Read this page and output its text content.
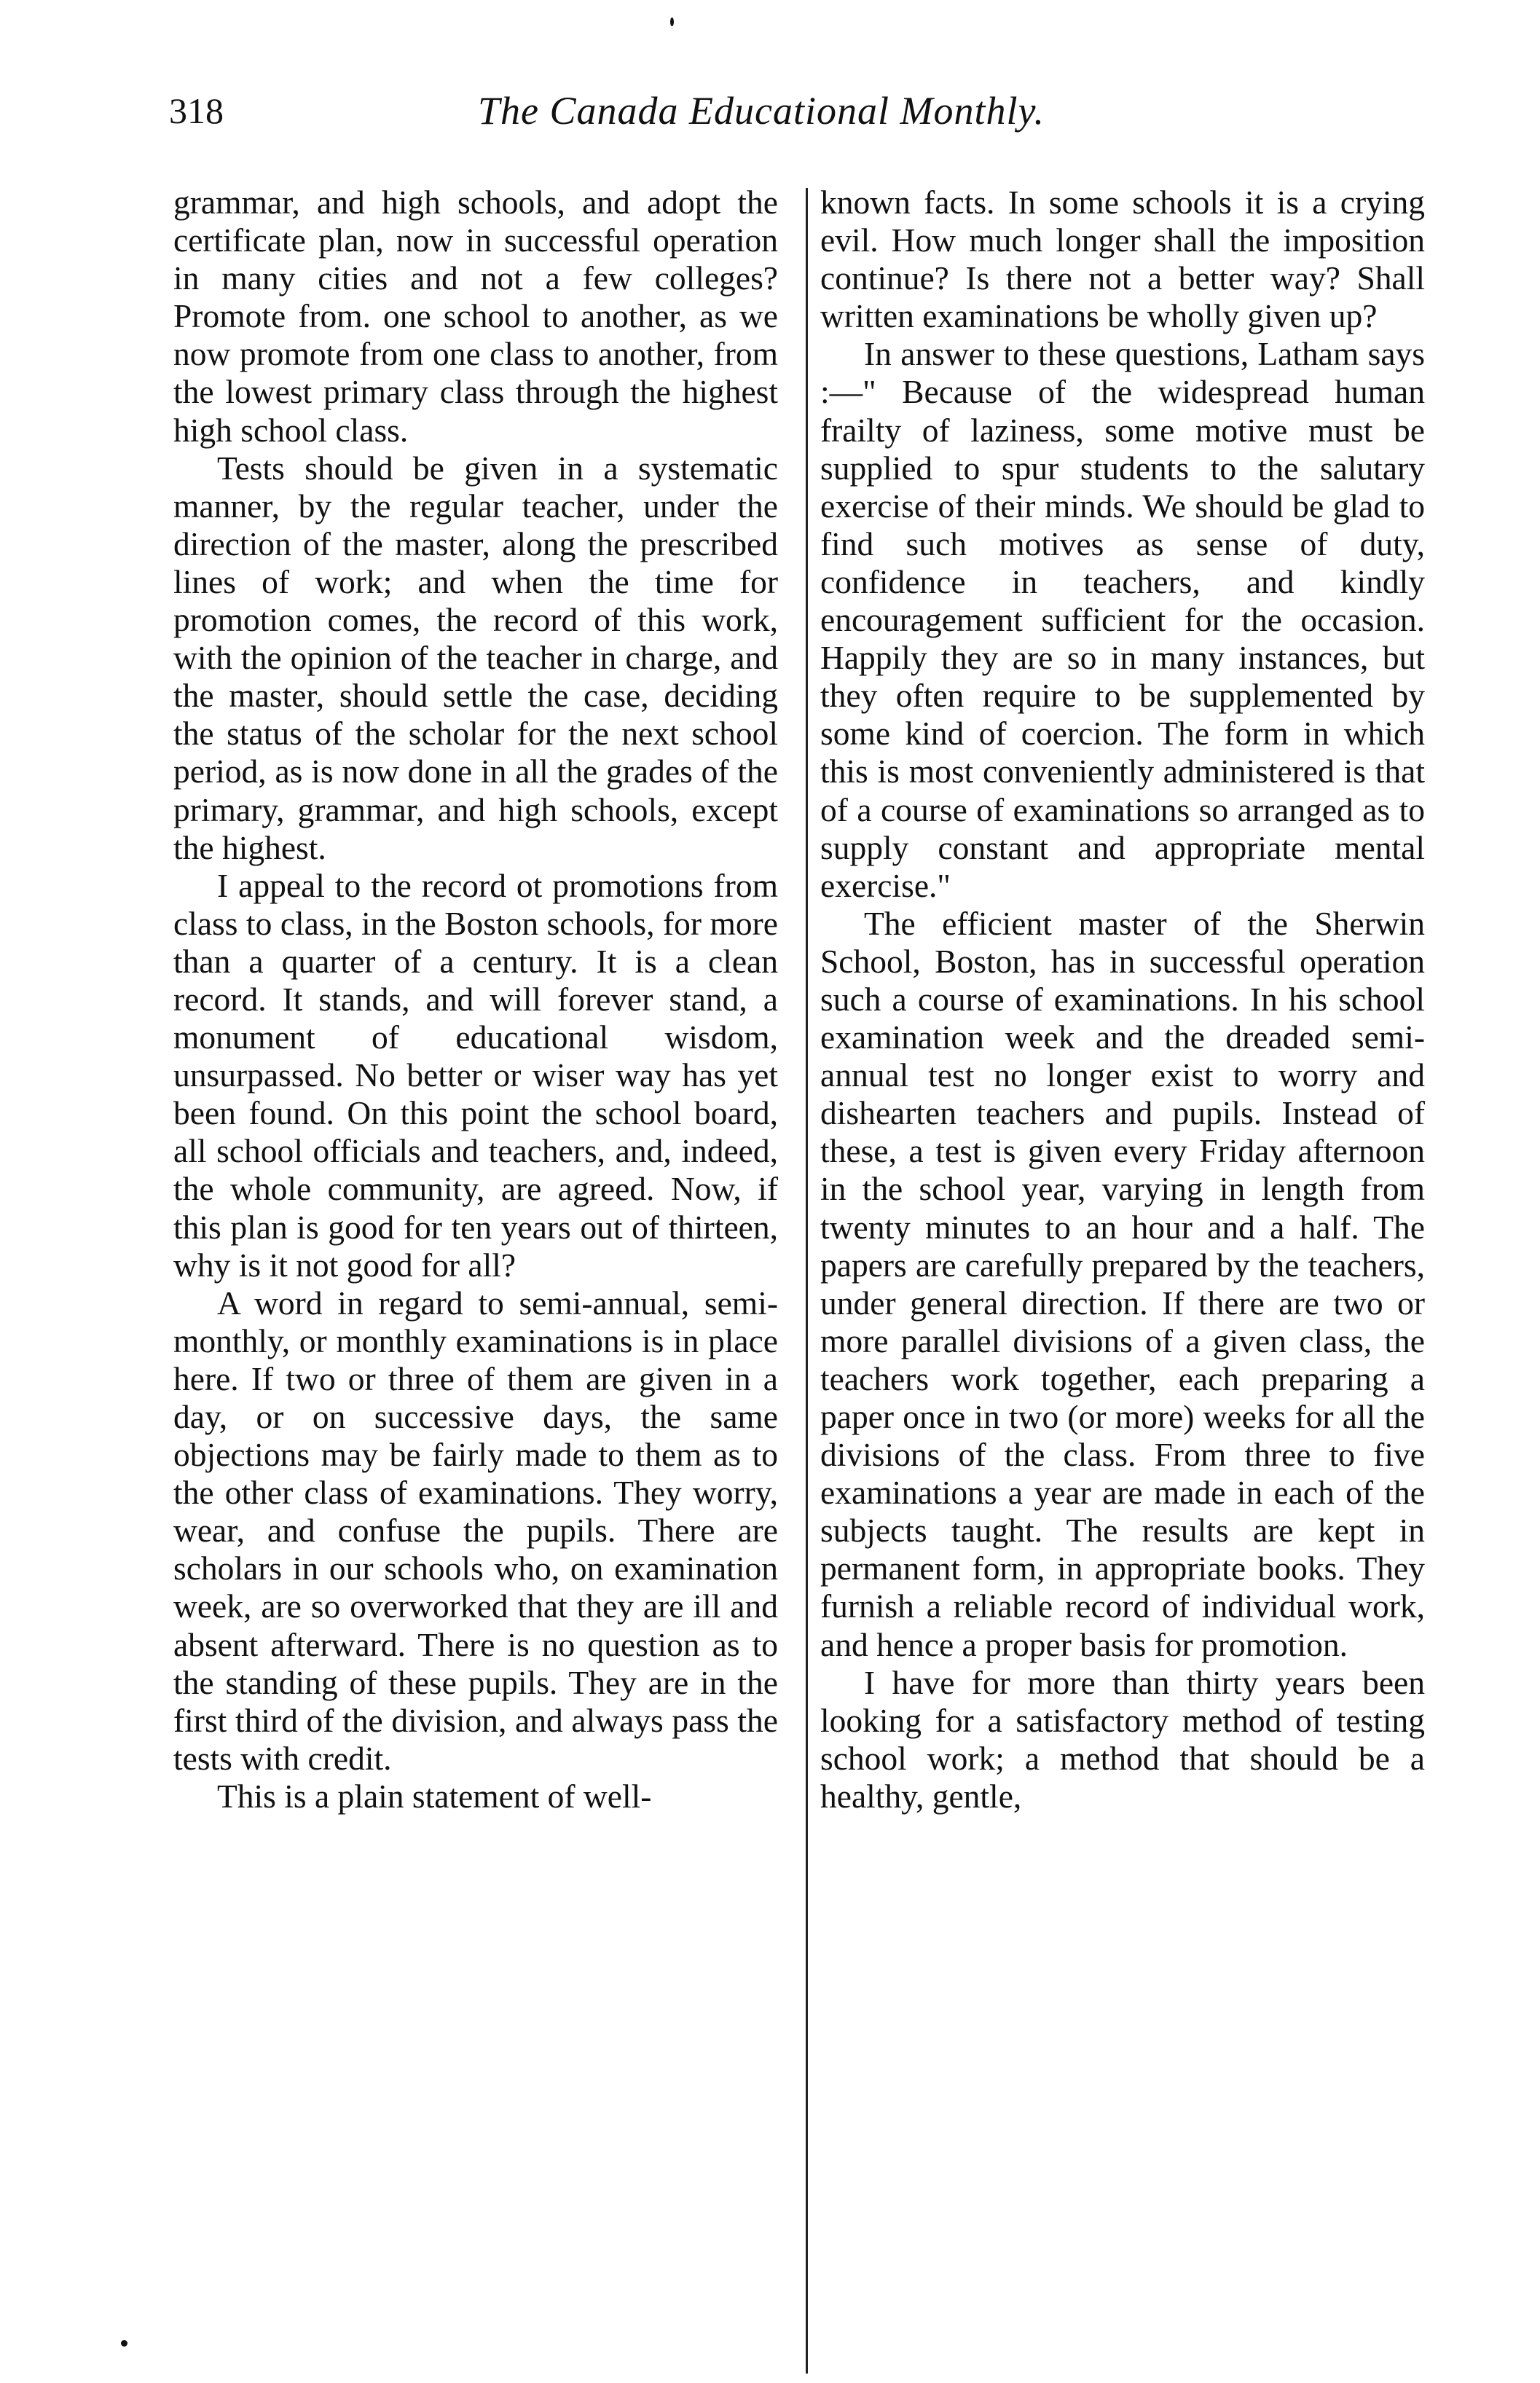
318	The Canada Educational Monthly.

grammar, and high schools, and adopt the certificate plan, now in successful operation in many cities and not a few colleges? Promote from. one school to another, as we now promote from one class to another, from the lowest primary class through the highest high school class.

Tests should be given in a systematic manner, by the regular teacher, under the direction of the master, along the prescribed lines of work; and when the time for promotion comes, the record of this work, with the opinion of the teacher in charge, and the master, should settle the case, deciding the status of the scholar for the next school period, as is now done in all the grades of the primary, grammar, and high schools, except the highest.

I appeal to the record ot promotions from class to class, in the Boston schools, for more than a quarter of a century. It is a clean record. It stands, and will forever stand, a monument of educational wisdom, unsurpassed. No better or wiser way has yet been found. On this point the school board, all school officials and teachers, and, indeed, the whole community, are agreed. Now, if this plan is good for ten years out of thirteen, why is it not good for all?

A word in regard to semi-annual, semi-monthly, or monthly examinations is in place here. If two or three of them are given in a day, or on successive days, the same objections may be fairly made to them as to the other class of examinations. They worry, wear, and confuse the pupils. There are scholars in our schools who, on examination week, are so overworked that they are ill and absent afterward. There is no question as to the standing of these pupils. They are in the first third of the division, and always pass the tests with credit.

This is a plain statement of well-

known facts. In some schools it is a crying evil. How much longer shall the imposition continue? Is there not a better way? Shall written examinations be wholly given up?

In answer to these questions, Latham says :—" Because of the widespread human frailty of laziness, some motive must be supplied to spur students to the salutary exercise of their minds. We should be glad to find such motives as sense of duty, confidence in teachers, and kindly encouragement sufficient for the occasion. Happily they are so in many instances, but they often require to be supplemented by some kind of coercion. The form in which this is most conveniently administered is that of a course of examinations so arranged as to supply constant and appropriate mental exercise."

The efficient master of the Sherwin School, Boston, has in successful operation such a course of examinations. In his school examination week and the dreaded semi-annual test no longer exist to worry and dishearten teachers and pupils. Instead of these, a test is given every Friday afternoon in the school year, varying in length from twenty minutes to an hour and a half. The papers are carefully prepared by the teachers, under general direction. If there are two or more parallel divisions of a given class, the teachers work together, each preparing a paper once in two (or more) weeks for all the divisions of the class. From three to five examinations a year are made in each of the subjects taught. The results are kept in permanent form, in appropriate books. They furnish a reliable record of individual work, and hence a proper basis for promotion.

I have for more than thirty years been looking for a satisfactory method of testing school work; a method that should be a healthy, gentle,
